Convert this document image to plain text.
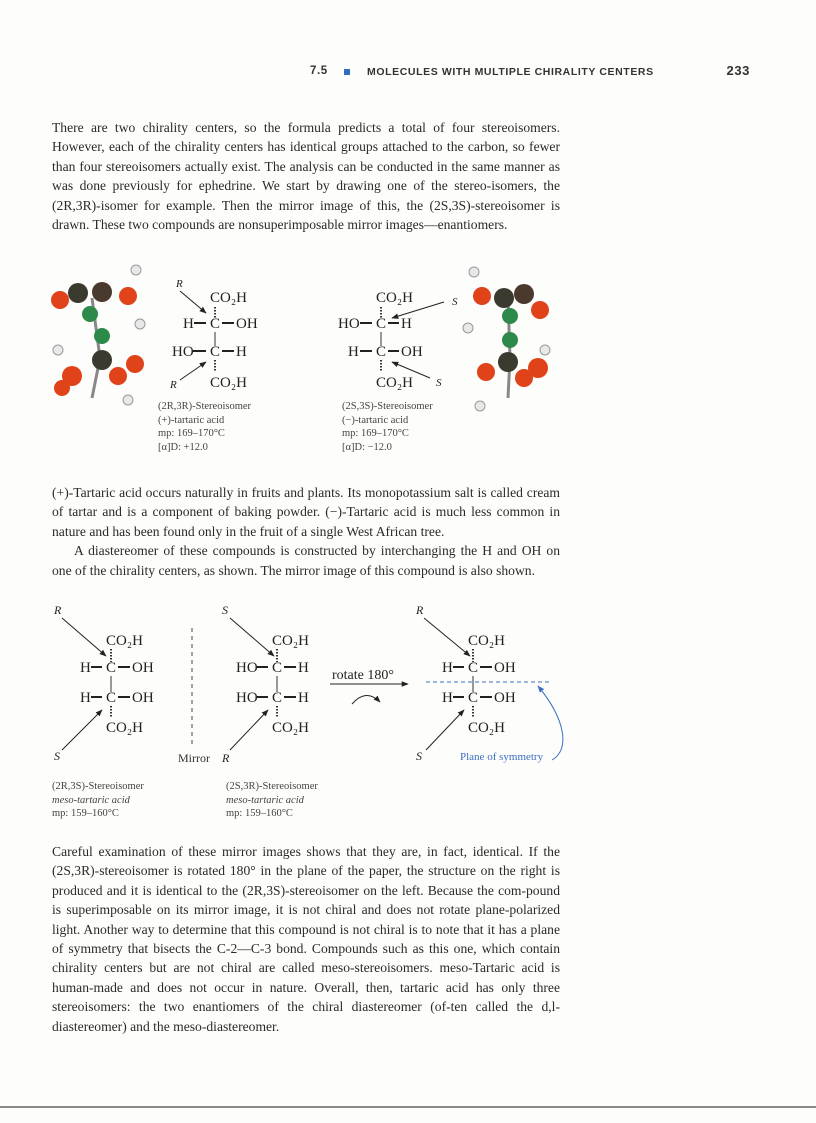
7.5	MOLECULES WITH MULTIPLE CHIRALITY CENTERS	233

There are two chirality centers, so the formula predicts a total of four stereoisomers. However, each of the chirality centers has identical groups attached to the carbon, so fewer than four stereoisomers actually exist. The analysis can be conducted in the same manner as was done previously for ephedrine. We start by drawing one of the stereo-isomers, the (2R,3R)-isomer for example. Then the mirror image of this, the (2S,3S)-stereoisomer is drawn. These two compounds are nonsuperimposable mirror images—enantiomers.

R
CO₂H
H C OH
HO C H
CO₂H
R
(2R,3R)-Stereoisomer
(+)-tartaric acid
mp: 169–170°C
[α]D: +12.0
CO₂H	S
HO C H
H C OH
CO₂H S
(2S,3S)-Stereoisomer
(−)-tartaric acid
mp: 169–170°C
[α]D: −12.0

(+)-Tartaric acid occurs naturally in fruits and plants. Its monopotassium salt is called cream of tartar and is a component of baking powder. (−)-Tartaric acid is much less common in nature and has been found only in the fruit of a single West African tree.

A diastereomer of these compounds is constructed by interchanging the H and OH on one of the chirality centers, as shown. The mirror image of this compound is also shown.

R
CO₂H
H C OH
H C OH
CO₂H
S	Mirror
S
CO₂H
HO C H
HO C H
CO₂H
R
rotate 180°
R
CO₂H
H C OH
H C OH
CO₂H
S	Plane of symmetry
(2R,3S)-Stereoisomer
meso-tartaric acid
mp: 159–160°C
(2S,3R)-Stereoisomer
meso-tartaric acid
mp: 159–160°C

Careful examination of these mirror images shows that they are, in fact, identical. If the (2S,3R)-stereoisomer is rotated 180° in the plane of the paper, the structure on the right is produced and it is identical to the (2R,3S)-stereoisomer on the left. Because the com-pound is superimposable on its mirror image, it is not chiral and does not rotate plane-polarized light. Another way to determine that this compound is not chiral is to note that it has a plane of symmetry that bisects the C-2—C-3 bond. Compounds such as this one, which contain chirality centers but are not chiral are called meso-stereoisomers. meso-Tartaric acid is human-made and does not occur in nature. Overall, then, tartaric acid has only three stereoisomers: the two enantiomers of the chiral diastereomer (of-ten called the d,l-diastereomer) and the meso-diastereomer.
